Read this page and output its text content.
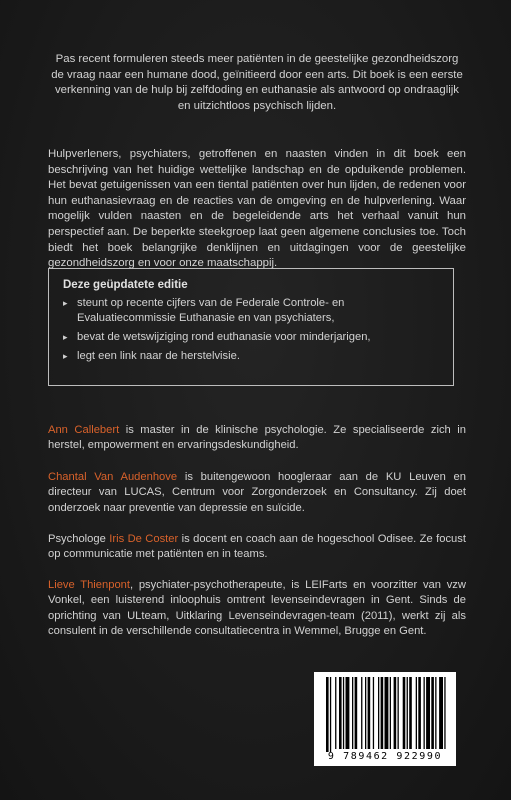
Pas recent formuleren steeds meer patiënten in de geestelijke gezondheidszorg de vraag naar een humane dood, geïnitieerd door een arts. Dit boek is een eerste verkenning van de hulp bij zelfdoding en euthanasie als antwoord op ondraaglijk en uitzichtloos psychisch lijden.

Hulpverleners, psychiaters, getroffenen en naasten vinden in dit boek een beschrijving van het huidige wettelijke landschap en de opduikende problemen. Het bevat getuigenissen van een tiental patiënten over hun lijden, de redenen voor hun euthanasievraag en de reacties van de omgeving en de hulpverlening. Waar mogelijk vulden naasten en de begeleidende arts het verhaal vanuit hun perspectief aan. De beperkte steekgroep laat geen algemene conclusies toe. Toch biedt het boek belangrijke denklijnen en uitdagingen voor de geestelijke gezondheidszorg en voor onze maatschappij.

Deze geüpdatete editie
▸ steunt op recente cijfers van de Federale Controle- en Evaluatiecommissie Euthanasie en van psychiaters,
▸ bevat de wetswijziging rond euthanasie voor minderjarigen,
▸ legt een link naar de herstelvisie.

Ann Callebert is master in de klinische psychologie. Ze specialiseerde zich in herstel, empowerment en ervaringsdeskundigheid.

Chantal Van Audenhove is buitengewoon hoogleraar aan de KU Leuven en directeur van LUCAS, Centrum voor Zorgonderzoek en Consultancy. Zij doet onderzoek naar preventie van depressie en suïcide.

Psychologe Iris De Coster is docent en coach aan de hogeschool Odisee. Ze focust op communicatie met patiënten en in teams.

Lieve Thienpont, psychiater-psychotherapeute, is LEIFarts en voorzitter van vzw Vonkel, een luisterend inloophuis omtrent levenseindevragen in Gent. Sinds de oprichting van ULteam, Uitklaring Levenseindevragen-team (2011), werkt zij als consulent in de verschillende consultatiecentra in Wemmel, Brugge en Gent.

9 789462 922990
